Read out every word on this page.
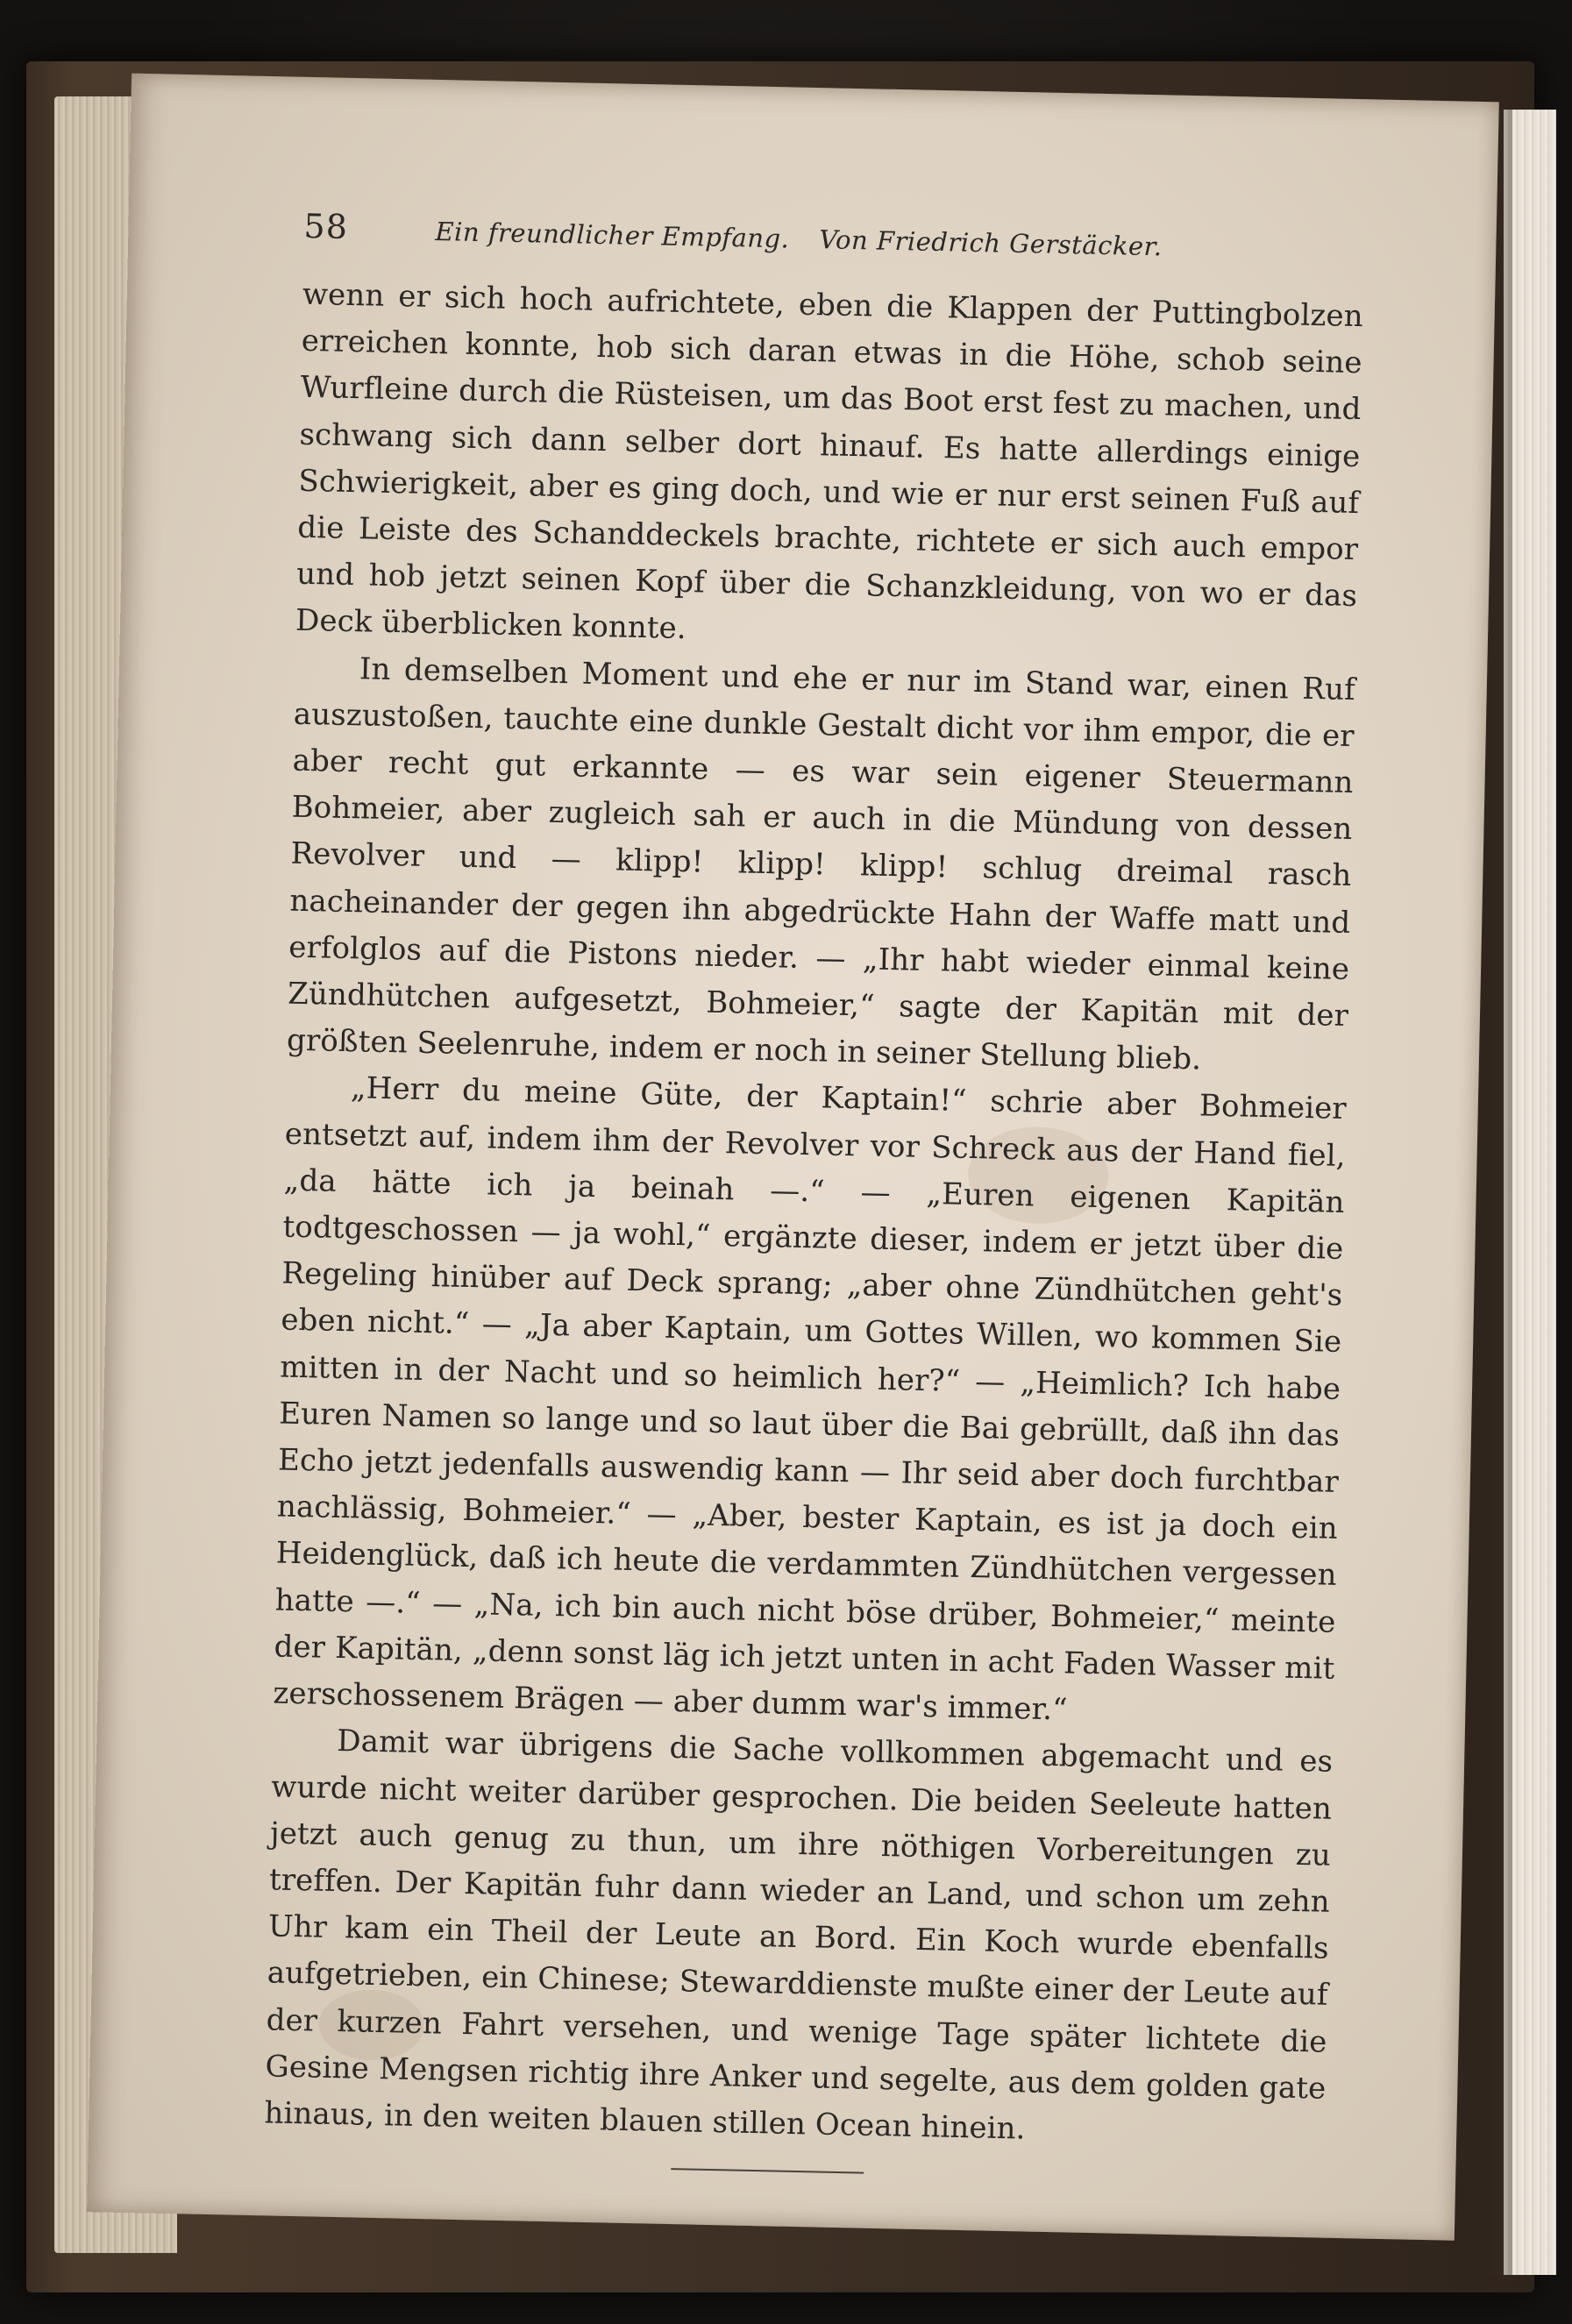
58	Ein freundlicher Empfang. Von Friedrich Gerstäcker.

wenn er sich hoch aufrichtete, eben die Klappen der Puttingbolzen erreichen konnte, hob sich daran etwas in die Höhe, schob seine Wurfleine durch die Rüsteisen, um das Boot erst fest zu machen, und schwang sich dann selber dort hinauf. Es hatte allerdings einige Schwierigkeit, aber es ging doch, und wie er nur erst seinen Fuß auf die Leiste des Schanddeckels brachte, richtete er sich auch empor und hob jetzt seinen Kopf über die Schanzkleidung, von wo er das Deck überblicken konnte.

In demselben Moment und ehe er nur im Stand war, einen Ruf auszustoßen, tauchte eine dunkle Gestalt dicht vor ihm empor, die er aber recht gut erkannte — es war sein eigener Steuermann Bohmeier, aber zugleich sah er auch in die Mündung von dessen Revolver und — klipp! klipp! klipp! schlug dreimal rasch nacheinander der gegen ihn abgedrückte Hahn der Waffe matt und erfolglos auf die Pistons nieder. — „Ihr habt wieder einmal keine Zündhütchen aufgesetzt, Bohmeier,“ sagte der Kapitän mit der größten Seelenruhe, indem er noch in seiner Stellung blieb.

„Herr du meine Güte, der Kaptain!“ schrie aber Bohmeier entsetzt auf, indem ihm der Revolver vor Schreck aus der Hand fiel, „da hätte ich ja beinah —.“ — „Euren eigenen Kapitän todtgeschossen — ja wohl,“ ergänzte dieser, indem er jetzt über die Regeling hinüber auf Deck sprang; „aber ohne Zündhütchen geht's eben nicht.“ — „Ja aber Kaptain, um Gottes Willen, wo kommen Sie mitten in der Nacht und so heimlich her?“ — „Heimlich? Ich habe Euren Namen so lange und so laut über die Bai gebrüllt, daß ihn das Echo jetzt jedenfalls auswendig kann — Ihr seid aber doch furchtbar nachlässig, Bohmeier.“ — „Aber, bester Kaptain, es ist ja doch ein Heidenglück, daß ich heute die verdammten Zündhütchen vergessen hatte —.“ — „Na, ich bin auch nicht böse drüber, Bohmeier,“ meinte der Kapitän, „denn sonst läg ich jetzt unten in acht Faden Wasser mit zerschossenem Brägen — aber dumm war's immer.“

Damit war übrigens die Sache vollkommen abgemacht und es wurde nicht weiter darüber gesprochen. Die beiden Seeleute hatten jetzt auch genug zu thun, um ihre nöthigen Vorbereitungen zu treffen. Der Kapitän fuhr dann wieder an Land, und schon um zehn Uhr kam ein Theil der Leute an Bord. Ein Koch wurde ebenfalls aufgetrieben, ein Chinese; Stewarddienste mußte einer der Leute auf der kurzen Fahrt versehen, und wenige Tage später lichtete die Gesine Mengsen richtig ihre Anker und segelte, aus dem golden gate hinaus, in den weiten blauen stillen Ocean hinein.
